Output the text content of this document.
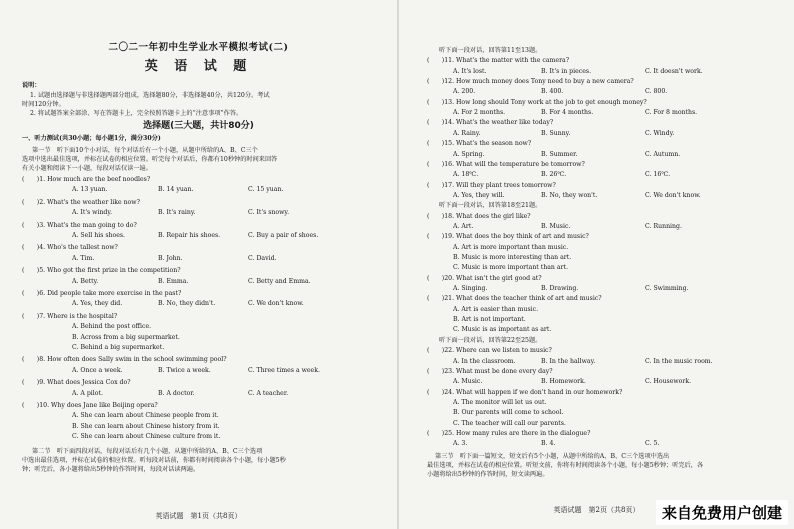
二〇二一年初中生学业水平模拟考试(二)
英 语 试 题
说明：
1. 试题由选择题与非选择题两部分组成，选择题80分，非选择题40分，共120分。考试
时间120分钟。
2. 将试题答案全部涂、写在答题卡上，完全按照答题卡上的“注意事项”作答。
选择题(三大题，共计80分)
一、听力测试(共30小题；每小题1分，满分30分)
第一节　听下面10个小对话，每个对话后有一个小题，从题中所给的A、B、C三个
选项中选出最佳选项，并标在试卷的相应位置。听完每个对话后，你都有10秒钟的时间来回答
有关小题和阅读下一小题，每段对话仅读一遍。
(　　)1. How much are the beef noodles?
A. 13 yuan.	B. 14 yuan.	C. 15 yuan.
(　　)2. What's the weather like now?
A. It's windy.	B. It's rainy.	C. It's snowy.
(　　)3. What's the man going to do?
A. Sell his shoes.	B. Repair his shoes.	C. Buy a pair of shoes.
(　　)4. Who's the tallest now?
A. Tim.	B. John.	C. David.
(　　)5. Who got the first prize in the competition?
A. Betty.	B. Emma.	C. Betty and Emma.
(　　)6. Did people take more exercise in the past?
A. Yes, they did.	B. No, they didn't.	C. We don't know.
(　　)7. Where is the hospital?
A. Behind the post office.
B. Across from a big supermarket.
C. Behind a big supermarket.
(　　)8. How often does Sally swim in the school swimming pool?
A. Once a week.	B. Twice a week.	C. Three times a week.
(　　)9. What does Jessica Cox do?
A. A pilot.	B. A doctor.	C. A teacher.
(　　)10. Why does Jane like Beijing opera?
A. She can learn about Chinese people from it.
B. She can learn about Chinese history from it.
C. She can learn about Chinese culture from it.
第二节　听下面四段对话，每段对话后有几个小题，从题中所给的A、B、C三个选项
中选出最佳选项，并标在试卷的相应位置。听每段对话前，你都有时间阅读各个小题，每小题5秒
钟；听完后，各小题将给出5秒钟的作答时间，每段对话读两遍。
英语试题　第1页（共8页）
听下面一段对话，回答第11至13题。
(　　)11. What's the matter with the camera?
A. It's lost.	B. It's in pieces.	C. It doesn't work.
(　　)12. How much money does Tony need to buy a new camera?
A. 200.	B. 400.	C. 800.
(　　)13. How long should Tony work at the job to get enough money?
A. For 2 months.	B. For 4 months.	C. For 8 months.
(　　)14. What's the weather like today?
A. Rainy.	B. Sunny.	C. Windy.
(　　)15. What's the season now?
A. Spring.	B. Summer.	C. Autumn.
(　　)16. What will the temperature be tomorrow?
A. 18℃.	B. 26℃.	C. 16℃.
(　　)17. Will they plant trees tomorrow?
A. Yes, they will.	B. No, they won't.	C. We don't know.
听下面一段对话，回答第18至21题。
(　　)18. What does the girl like?
A. Art.	B. Music.	C. Running.
(　　)19. What does the boy think of art and music?
A. Art is more important than music.
B. Music is more interesting than art.
C. Music is more important than art.
(　　)20. What isn't the girl good at?
A. Singing.	B. Drawing.	C. Swimming.
(　　)21. What does the teacher think of art and music?
A. Art is easier than music.
B. Art is not important.
C. Music is as important as art.
听下面一段对话，回答第22至25题。
(　　)22. Where can we listen to music?
A. In the classroom.	B. In the hallway.	C. In the music room.
(　　)23. What must be done every day?
A. Music.	B. Homework.	C. Housework.
(　　)24. What will happen if we don't hand in our homework?
A. The monitor will let us out.
B. Our parents will come to school.
C. The teacher will call our parents.
(　　)25. How many rules are there in the dialogue?
A. 3.	B. 4.	C. 5.
第三节　听下面一篇短文，短文后有5个小题，从题中所给的A、B、C三个选项中选出
最佳选项，并标在试卷的相应位置。听短文前，你将有时间阅读各个小题，每小题5秒钟；听完后，各
小题将给出5秒钟的作答时间，短文读两遍。
英语试题　第2页（共8页）	来自免费用户创建
